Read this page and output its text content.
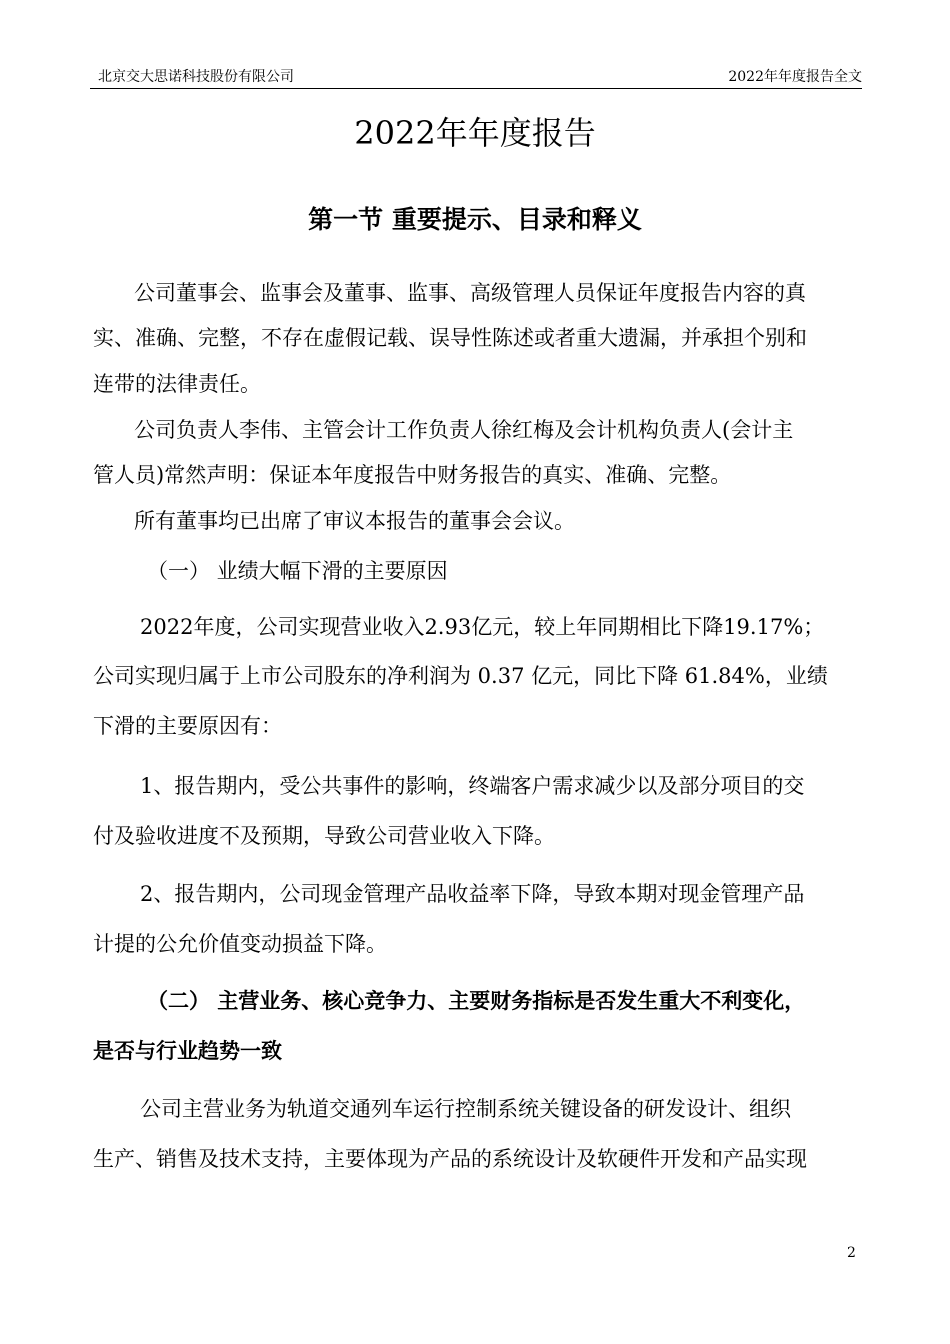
北京交大思诺科技股份有限公司	2022年年度报告全文
2022年年度报告
第一节 重要提示、目录和释义
公司董事会、监事会及董事、监事、高级管理人员保证年度报告内容的真
实、准确、完整，不存在虚假记载、误导性陈述或者重大遗漏，并承担个别和
连带的法律责任。
公司负责人李伟、主管会计工作负责人徐红梅及会计机构负责人(会计主
管人员)常然声明：保证本年度报告中财务报告的真实、准确、完整。
所有董事均已出席了审议本报告的董事会会议。
（一） 业绩大幅下滑的主要原因
2022年度，公司实现营业收入2.93亿元，较上年同期相比下降19.17%；
公司实现归属于上市公司股东的净利润为 0.37 亿元，同比下降 61.84%，业绩
下滑的主要原因有：
1、报告期内，受公共事件的影响，终端客户需求减少以及部分项目的交
付及验收进度不及预期，导致公司营业收入下降。
2、报告期内，公司现金管理产品收益率下降，导致本期对现金管理产品
计提的公允价值变动损益下降。
（二） 主营业务、核心竞争力、主要财务指标是否发生重大不利变化，
是否与行业趋势一致
公司主营业务为轨道交通列车运行控制系统关键设备的研发设计、组织
生产、销售及技术支持，主要体现为产品的系统设计及软硬件开发和产品实现
2
